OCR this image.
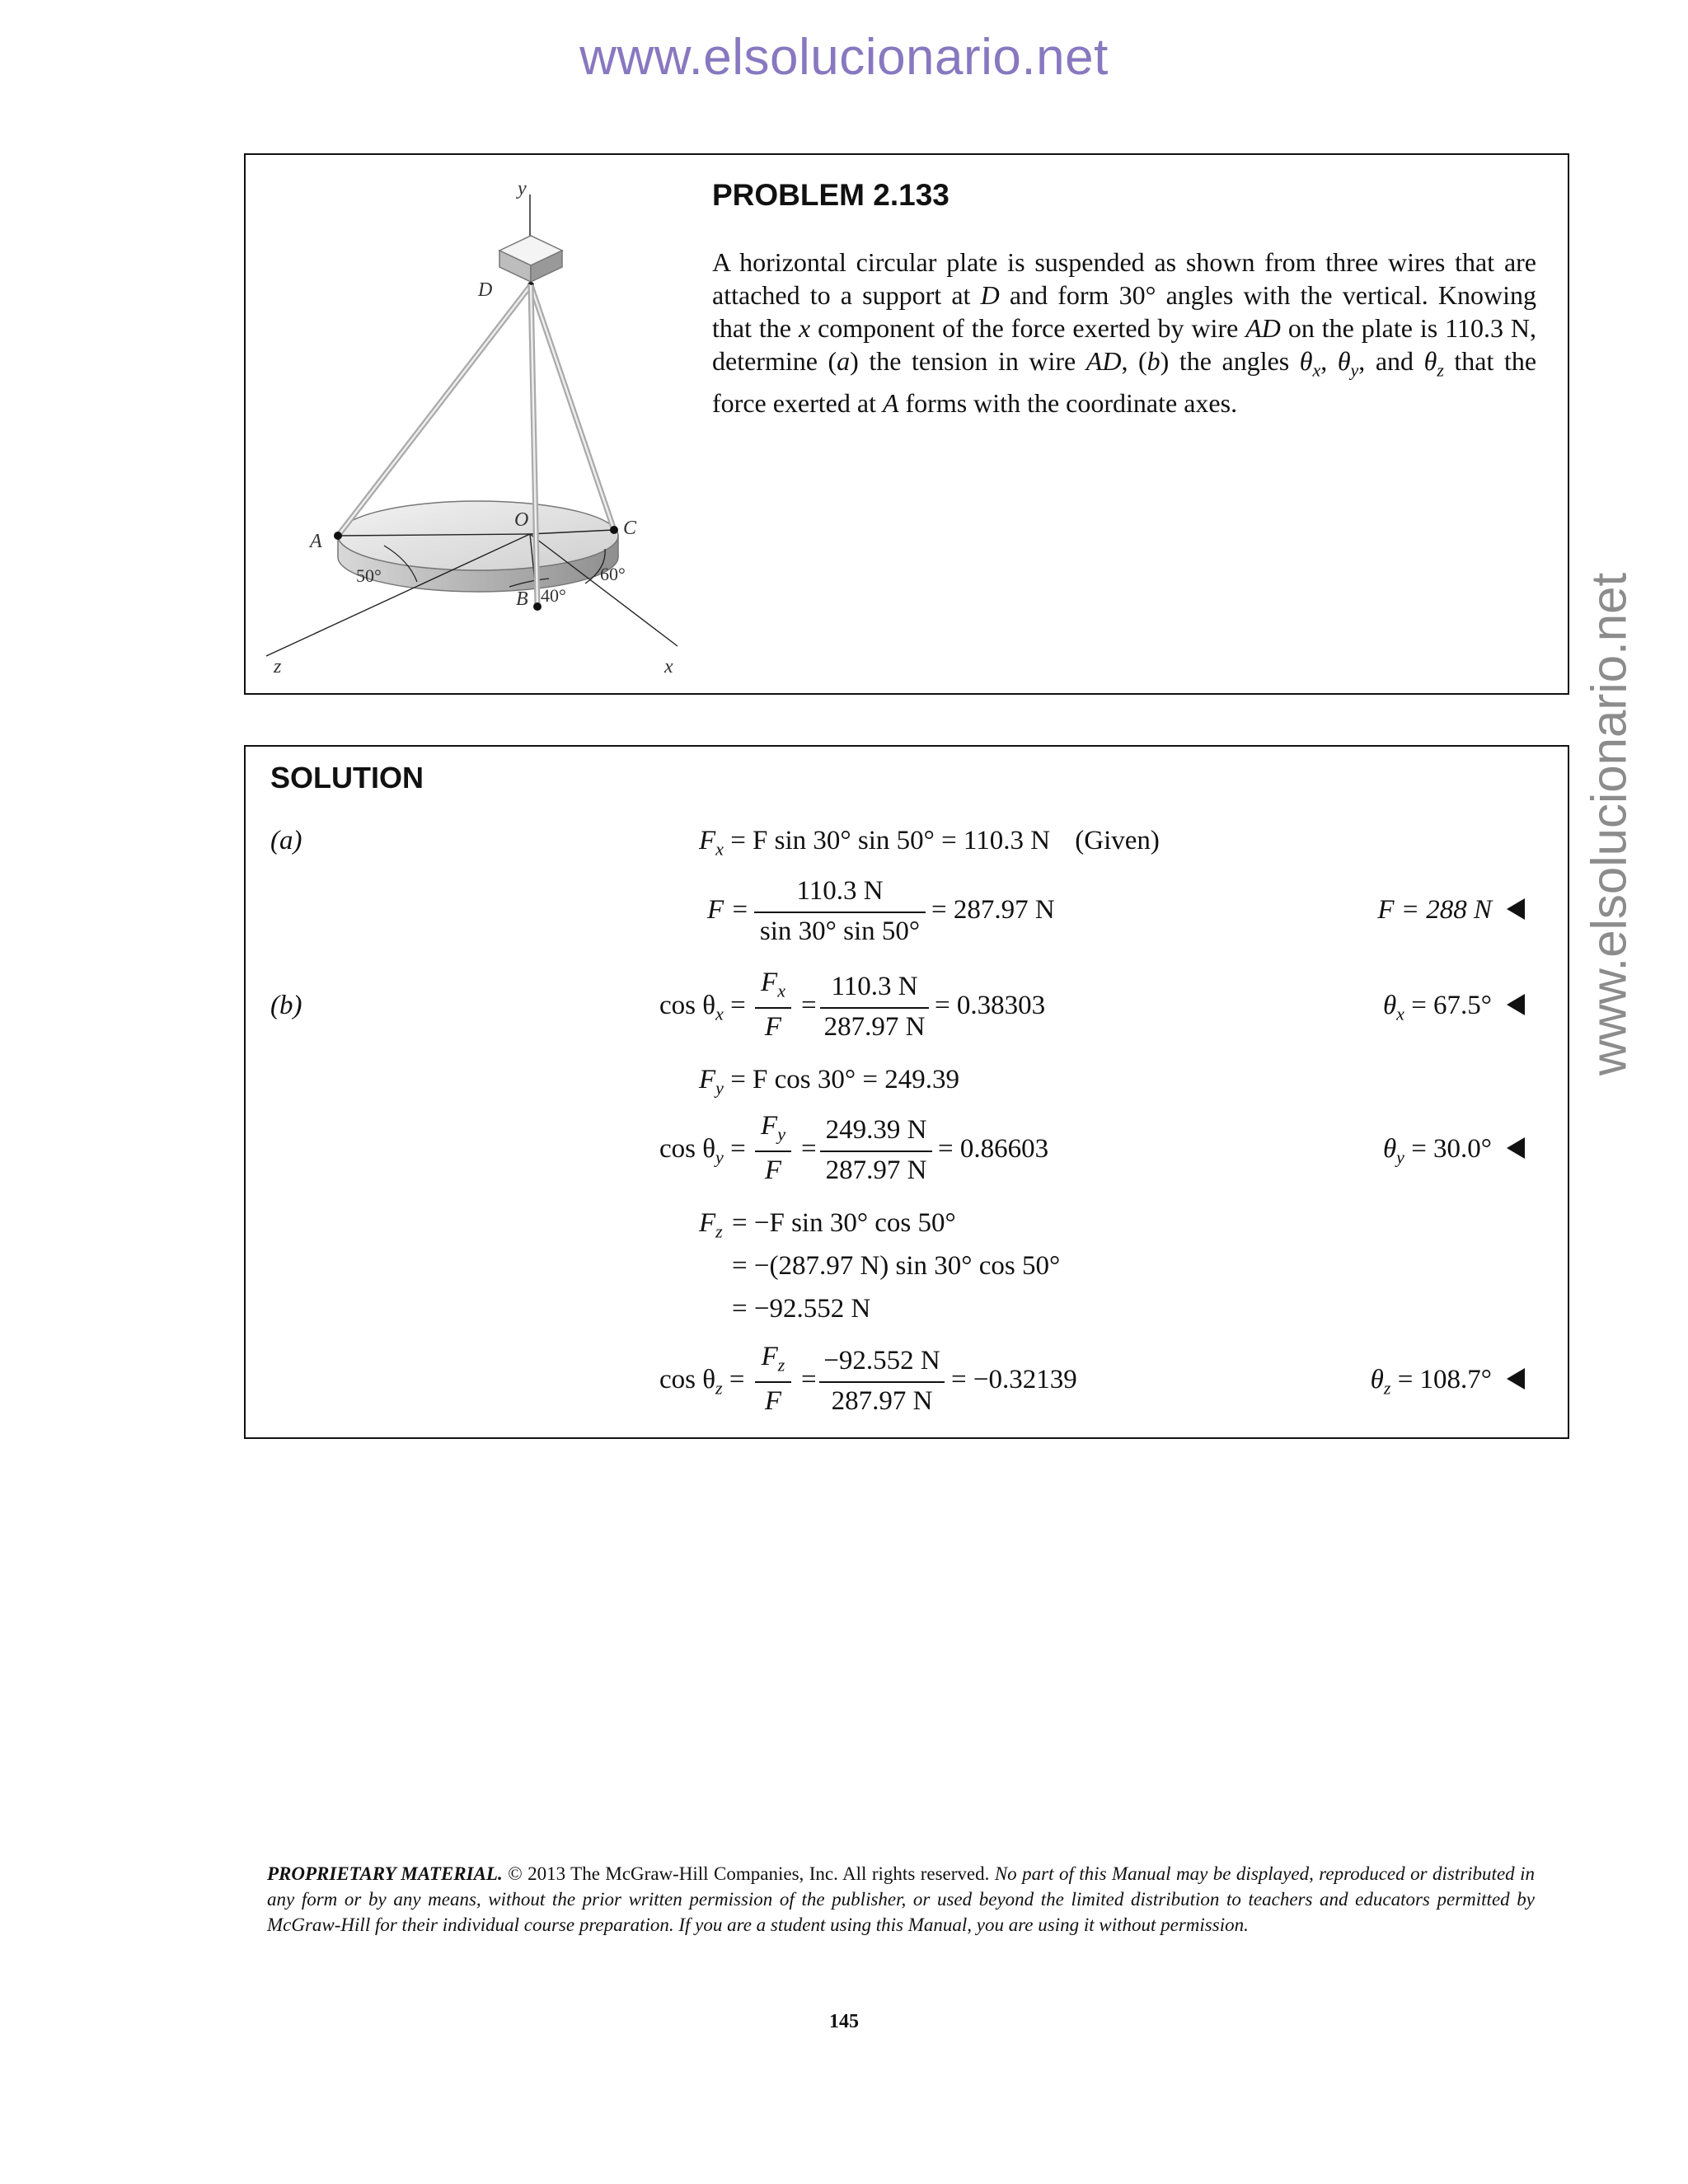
www.elsolucionario.net
www.elsolucionario.net
y
D
A
O	C
B
z	x
50°	60°
40°
PROBLEM 2.133
A horizontal circular plate is suspended as shown from three wires that are attached to a support at D and form 30° angles with the vertical. Knowing that the x component of the force exerted by wire AD on the plate is 110.3 N, determine (a) the tension in wire AD, (b) the angles $\theta_x$, $\theta_y$, and $\theta_z$ that the force exerted at A forms with the coordinate axes.
SOLUTION
(a)	$F_x = F$ sin 30° sin 50° = 110.3 N (Given)
F =
110.3 N
sin 30° sin 50°
= 287.97 N	F = 288 N
(b)	$\cos \theta_x$ =
$F_x$
F
=
110.3 N
287.97 N
= 0.38303	$\theta_x = 67.5^\circ$
$F_y = F$ cos 30° = 249.39
$\cos \theta_y$ =
$F_y$
F
=
249.39 N
287.97 N
= 0.86603	$\theta_y = 30.0^\circ$
$F_z = -F$ sin 30° cos 50°
= −(287.97 N) sin 30° cos 50°
= −92.552 N
$\cos \theta_z$ =
$F_z$
F
=
−92.552 N
287.97 N
= −0.32139	$\theta_z = 108.7^\circ$
PROPRIETARY MATERIAL. © 2013 The McGraw-Hill Companies, Inc. All rights reserved. No part of this Manual may be displayed, reproduced or distributed in any form or by any means, without the prior written permission of the publisher, or used beyond the limited distribution to teachers and educators permitted by McGraw-Hill for their individual course preparation. If you are a student using this Manual, you are using it without permission.
145
